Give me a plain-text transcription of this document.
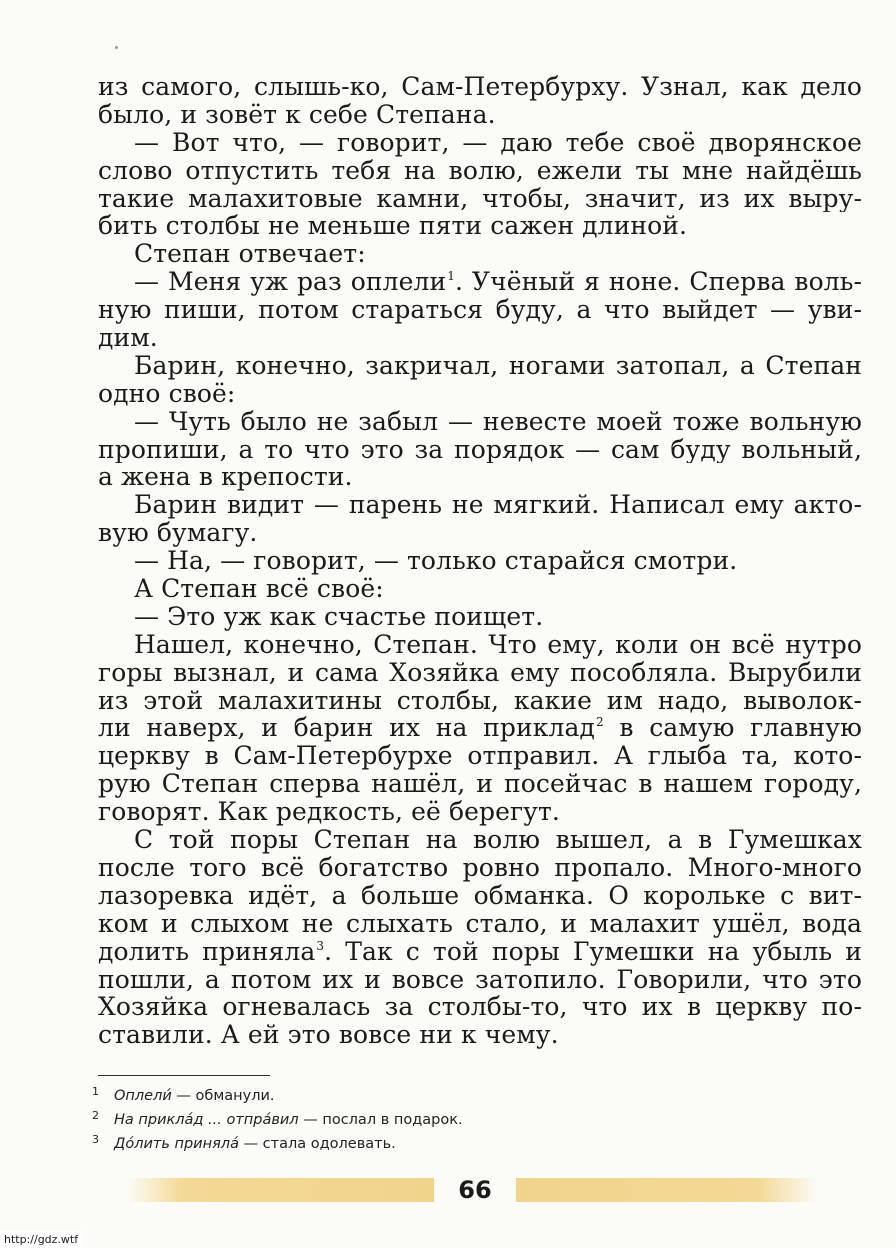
из самого, слышь-ко, Сам-Петербурху. Узнал, как дело
было, и зовёт к себе Степана.
— Вот что, — говорит, — даю тебе своё дворянское
слово отпустить тебя на волю, ежели ты мне найдёшь
такие малахитовые камни, чтобы, значит, из их выру-
бить столбы не меньше пяти сажен длиной.
Степан отвечает:
— Меня уж раз оплели$^1$. Учёный я ноне. Сперва воль-
ную пиши, потом стараться буду, а что выйдет — уви-
дим.
Барин, конечно, закричал, ногами затопал, а Степан
одно своё:
— Чуть было не забыл — невесте моей тоже вольную
пропиши, а то что это за порядок — сам буду вольный,
а жена в крепости.
Барин видит — парень не мягкий. Написал ему акто-
вую бумагу.
— На, — говорит, — только старайся смотри.
А Степан всё своё:
— Это уж как счастье поищет.
Нашел, конечно, Степан. Что ему, коли он всё нутро
горы вызнал, и сама Хозяйка ему пособляла. Вырубили
из этой малахитины столбы, какие им надо, выволок-
ли наверх, и барин их на приклад$^2$ в самую главную
церкву в Сам-Петербурхе отправил. А глыба та, кото-
рую Степан сперва нашёл, и посейчас в нашем городу,
говорят. Как редкость, её берегут.
С той поры Степан на волю вышел, а в Гумешках
после того всё богатство ровно пропало. Много-много
лазоревка идёт, а больше обманка. О корольке с вит-
ком и слыхом не слыхать стало, и малахит ушёл, вода
долить приняла$^3$. Так с той поры Гумешки на убыль и
пошли, а потом их и вовсе затопило. Говорили, что это
Хозяйка огневалась за столбы-то, что их в церкву по-
ставили. А ей это вовсе ни к чему.
1 Оплели́ — обманули.
2 На прикла́д ... отпра́вил — послал в подарок.
3 До́лить приняла́ — стала одолевать.
66
http://gdz.wtf
